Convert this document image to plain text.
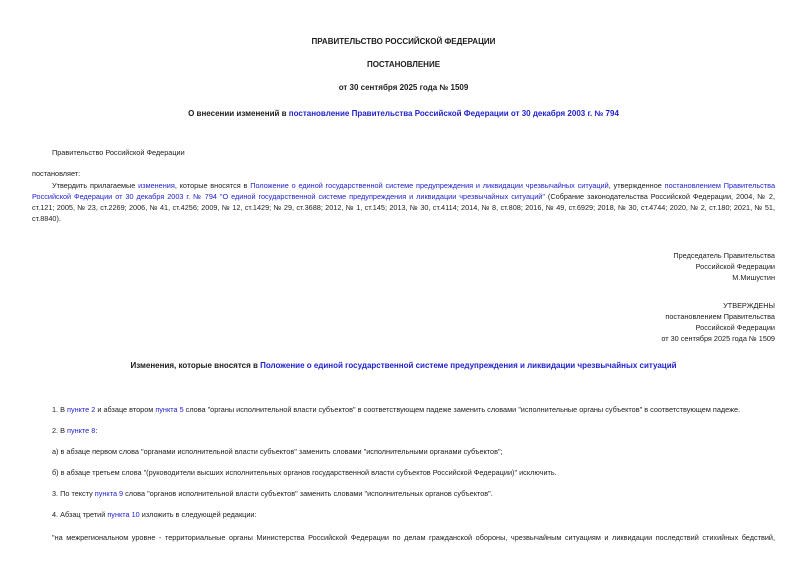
ПРАВИТЕЛЬСТВО РОССИЙСКОЙ ФЕДЕРАЦИИ
ПОСТАНОВЛЕНИЕ
от 30 сентября 2025 года № 1509
О внесении изменений в постановление Правительства Российской Федерации от 30 декабря 2003 г. № 794
Правительство Российской Федерации
постановляет:
Утвердить прилагаемые изменения, которые вносятся в Положение о единой государственной системе предупреждения и ликвидации чрезвычайных ситуаций, утвержденное постановлением Правительства Российской Федерации от 30 декабря 2003 г. № 794 "О единой государственной системе предупреждения и ликвидации чрезвычайных ситуаций" (Собрание законодательства Российской Федерации, 2004, № 2, ст.121; 2005, № 23, ст.2269; 2006, № 41, ст.4256; 2009, № 12, ст.1429; № 29, ст.3688; 2012, № 1, ст.145; 2013, № 30, ст.4114; 2014, № 8, ст.808; 2016, № 49, ст.6929; 2018, № 30, ст.4744; 2020, № 2, ст.180; 2021, № 51, ст.8840).
Председатель Правительства
Российской Федерации
М.Мишустин
УТВЕРЖДЕНЫ
постановлением Правительства
Российской Федерации
от 30 сентября 2025 года № 1509
Изменения, которые вносятся в Положение о единой государственной системе предупреждения и ликвидации чрезвычайных ситуаций
1. В пункте 2 и абзаце втором пункта 5 слова "органы исполнительной власти субъектов" в соответствующем падеже заменить словами "исполнительные органы субъектов" в соответствующем падеже.
2. В пункте 8:
а) в абзаце первом слова "органами исполнительной власти субъектов" заменить словами "исполнительными органами субъектов";
б) в абзаце третьем слова "(руководители высших исполнительных органов государственной власти субъектов Российской Федерации)" исключить.
3. По тексту пункта 9 слова "органов исполнительной власти субъектов" заменить словами "исполнительных органов субъектов".
4. Абзац третий пункта 10 изложить в следующей редакции:
"на межрегиональном уровне - территориальные органы Министерства Российской Федерации по делам гражданской обороны, чрезвычайным ситуациям и ликвидации последствий стихийных бедствий,
